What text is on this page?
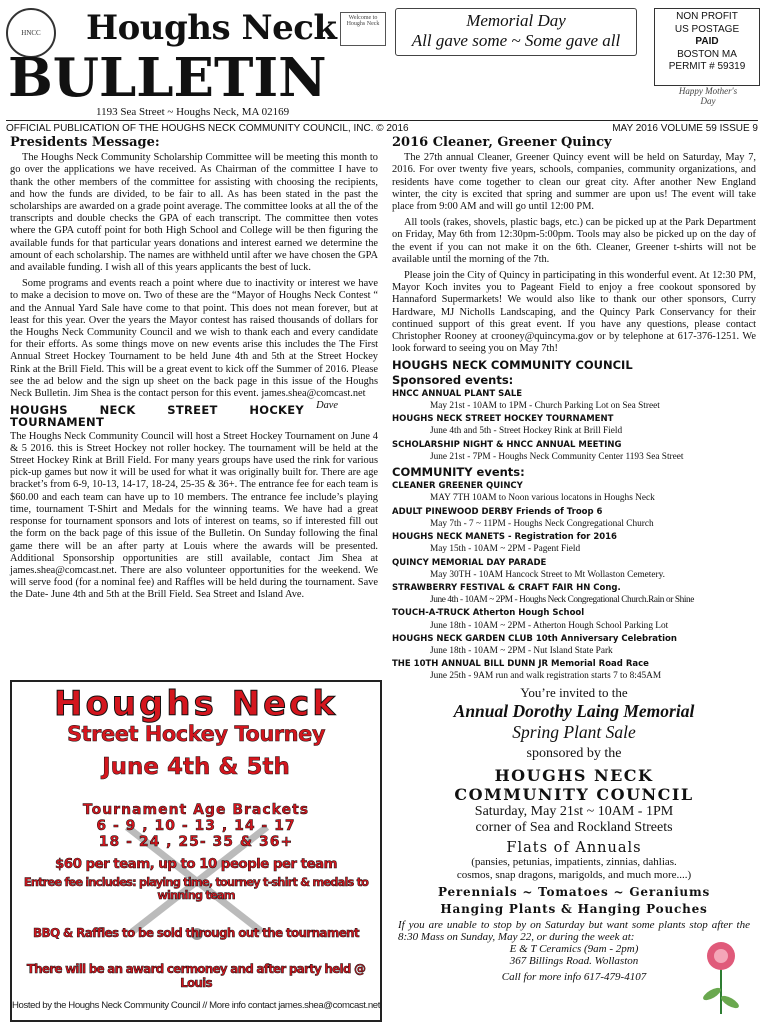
HNCC	Houghs Neck
BULLETIN
Welcome to Houghs Neck
1193 Sea Street ~ Houghs Neck, MA 02169
Memorial Day
All gave some ~ Some gave all
NON PROFIT
US POSTAGE
PAID
BOSTON MA
PERMIT # 59319
Happy Mother's Day
OFFICIAL PUBLICATION OF THE HOUGHS NECK COMMUNITY COUNCIL, INC. © 2016	MAY 2016 VOLUME 59 ISSUE 9
Presidents Message:

The Houghs Neck Community Scholarship Committee will be meeting this month to go over the applications we have received. As Chairman of the committee I have to thank the other members of the committee for assisting with choosing the recipients, and how the funds are divided, to be fair to all. As has been stated in the past the scholarships are awarded on a grade point average. The committee looks at all the of the transcripts and double checks the GPA of each transcript. The committee then votes where the GPA cutoff point for both High School and College will be then figuring the available funds for that particular years donations and interest earned we determine the amount of each scholarship. The names are withheld until after we have chosen the GPA and available funding. I wish all of this years applicants the best of luck.

Some programs and events reach a point where due to inactivity or interest we have to make a decision to move on. Two of these are the “Mayor of Houghs Neck Contest “ and the Annual Yard Sale have come to that point. This does not mean forever, but at least for this year. Over the years the Mayor contest has raised thousands of dollars for the Houghs Neck Community Council and we wish to thank each and every candidate for their efforts. As some things move on new events arise this includes the The First Annual Street Hockey Tournament to be held June 4th and 5th at the Street Hockey Rink at the Brill Field. This will be a great event to kick off the Summer of 2016. Please see the ad below and the sign up sheet on the back page in this issue of the Houghs Neck Bulletin. Jim Shea is the contact person for this event. james.shea@comcast.net
Dave

HOUGHS NECK STREET HOCKEY TOURNAMENT

The Houghs Neck Community Council will host a Street Hockey Tournament on June 4 & 5 2016. this is Street Hockey not roller hockey. The tournament will be held at the Street Hockey Rink at Brill Field. For many years groups have used the rink for various pick-up games but now it will be used for what it was originally built for. There are age bracket’s from 6-9, 10-13, 14-17, 18-24, 25-35 & 36+. The entrance fee for each team is $60.00 and each team can have up to 10 members. The entrance fee include’s playing time, tournament T-Shirt and Medals for the winning teams. We have had a great response for tournament sponsors and lots of interest on teams, so if interested fill out the form on the back page of this issue of the Bulletin. On Sunday following the final game there will be an after party at Louis where the awards will be presented. Additional Sponsorship opportunities are still available, contact Jim Shea at james.shea@comcast.net. There are also volunteer opportunities for the weekend. We will serve food (for a nominal fee) and Raffles will be held during the tournament. Save the Date- June 4th and 5th at the Brill Field. Sea Street and Island Ave.

Houghs Neck
Street Hockey Tourney
June 4th & 5th
Tournament Age Brackets
6 - 9 , 10 - 13 , 14 - 17
18 - 24 , 25- 35 & 36+
$60 per team, up to 10 people per team
Entree fee includes: playing time, tourney t-shirt & medals to winning team
BBQ & Raffles to be sold through out the tournament
There will be an award cermoney and after party held @ Louis
Hosted by the Houghs Neck Community Council // More info contact james.shea@comcast.net
2016 Cleaner, Greener Quincy

The 27th annual Cleaner, Greener Quincy event will be held on Saturday, May 7, 2016. For over twenty five years, schools, companies, community organizations, and residents have come together to clean our great city. After another New England winter, the city is excited that spring and summer are upon us! The event will take place from 9:00 AM and will go until 12:00 PM.

All tools (rakes, shovels, plastic bags, etc.) can be picked up at the Park Department on Friday, May 6th from 12:30pm-5:00pm. Tools may also be picked up on the day of the event if you can not make it on the 6th. Cleaner, Greener t-shirts will not be available until the morning of the 7th.

Please join the City of Quincy in participating in this wonderful event. At 12:30 PM, Mayor Koch invites you to Pageant Field to enjoy a free cookout sponsored by Hannaford Supermarkets! We would also like to thank our other sponsors, Curry Hardware, MJ Nicholls Landscaping, and the Quincy Park Conservancy for their continued support of this great event. If you have any questions, please contact Christopher Rooney at crooney@quincyma.gov or by telephone at 617-376-1251. We look forward to seeing you on May 7th!

HOUGHS NECK COMMUNITY COUNCIL
Sponsored events:
HNCC ANNUAL PLANT SALE
May 21st - 10AM to 1PM - Church Parking Lot on Sea Street
HOUGHS NECK STREET HOCKEY TOURNAMENT
June 4th and 5th - Street Hockey Rink at Brill Field
SCHOLARSHIP NIGHT & HNCC ANNUAL MEETING
June 21st - 7PM - Houghs Neck Community Center 1193 Sea Street
COMMUNITY events:
CLEANER GREENER QUINCY
MAY 7TH 10AM to Noon various locatons in Houghs Neck
ADULT PINEWOOD DERBY Friends of Troop 6
May 7th - 7 ~ 11PM - Houghs Neck Congregational Church
HOUGHS NECK MANETS - Registration for 2016
May 15th - 10AM ~ 2PM - Pagent Field
QUINCY MEMORIAL DAY PARADE
May 30TH - 10AM Hancock Street to Mt Wollaston Cemetery.
STRAWBERRY FESTIVAL & CRAFT FAIR HN Cong.
June 4th - 10AM ~ 2PM - Houghs Neck Congregational Church.Rain or Shine
TOUCH-A-TRUCK Atherton Hough School
June 18th - 10AM ~ 2PM - Atherton Hough School Parking Lot
HOUGHS NECK GARDEN CLUB 10th Anniversary Celebration
June 18th - 10AM ~ 2PM - Nut Island State Park
THE 10TH ANNUAL BILL DUNN JR Memorial Road Race
June 25th - 9AM run and walk registration starts 7 to 8:45AM
You’re invited to the
Annual Dorothy Laing Memorial
Spring Plant Sale
sponsored by the
HOUGHS NECK
COMMUNITY COUNCIL
Saturday, May 21st ~ 10AM - 1PM
corner of Sea and Rockland Streets
Flats of Annuals
(pansies, petunias, impatients, zinnias, dahlias.
cosmos, snap dragons, marigolds, and much more....)
Perennials ~ Tomatoes ~ Geraniums
Hanging Plants & Hanging Pouches
If you are unable to stop by on Saturday but want some plants stop after the 8:30 Mass on Sunday, May 22, or during the week at:
E & T Ceramics (9am - 2pm)
367 Billings Road. Wollaston
Call for more info 617-479-4107
